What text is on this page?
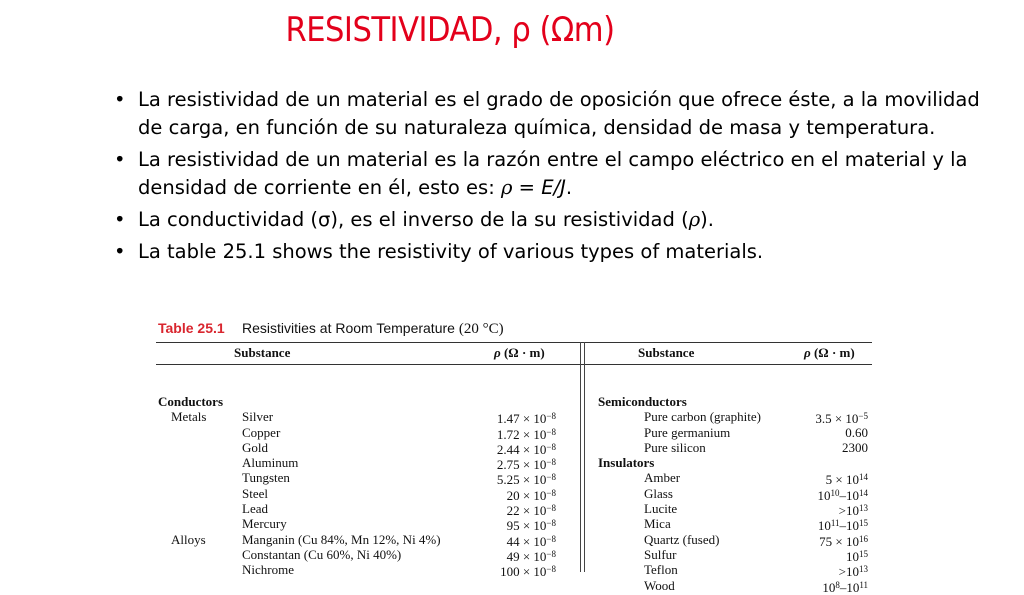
RESISTIVIDAD, ρ (Ωm)
• La resistividad de un material es el grado de oposición que ofrece éste, a la movilidad de carga, en función de su naturaleza química, densidad de masa y temperatura.
• La resistividad de un material es la razón entre el campo eléctrico en el material y la densidad de corriente en él, esto es: ρ = E/J.
• La conductividad (σ), es el inverso de la su resistividad (ρ).
• La table 25.1 shows the resistivity of various types of materials.
Table 25.1 Resistivities at Room Temperature (20 °C)
Substance	ρ (Ω · m)	Substance	ρ (Ω · m)
Conductors
Metals	Silver	$1.47 \times 10^{-8}$
Copper	$1.72 \times 10^{-8}$
Gold	$2.44 \times 10^{-8}$
Aluminum	$2.75 \times 10^{-8}$
Tungsten	$5.25 \times 10^{-8}$
Steel	$20 \times 10^{-8}$
Lead	$22 \times 10^{-8}$
Mercury	$95 \times 10^{-8}$
Alloys	Manganin (Cu 84%, Mn 12%, Ni 4%)	$44 \times 10^{-8}$
Constantan (Cu 60%, Ni 40%)	$49 \times 10^{-8}$
Nichrome	$100 \times 10^{-8}$
Semiconductors
Pure carbon (graphite)	$3.5 \times 10^{-5}$
Pure germanium	0.60
Pure silicon	2300
Insulators
Amber	$5 \times 10^{14}$
Glass	$10^{10}-10^{14}$
Lucite	$>10^{13}$
Mica	$10^{11}-10^{15}$
Quartz (fused)	$75 \times 10^{16}$
Sulfur	$10^{15}$
Teflon	$>10^{13}$
Wood	$10^8-10^{11}$
